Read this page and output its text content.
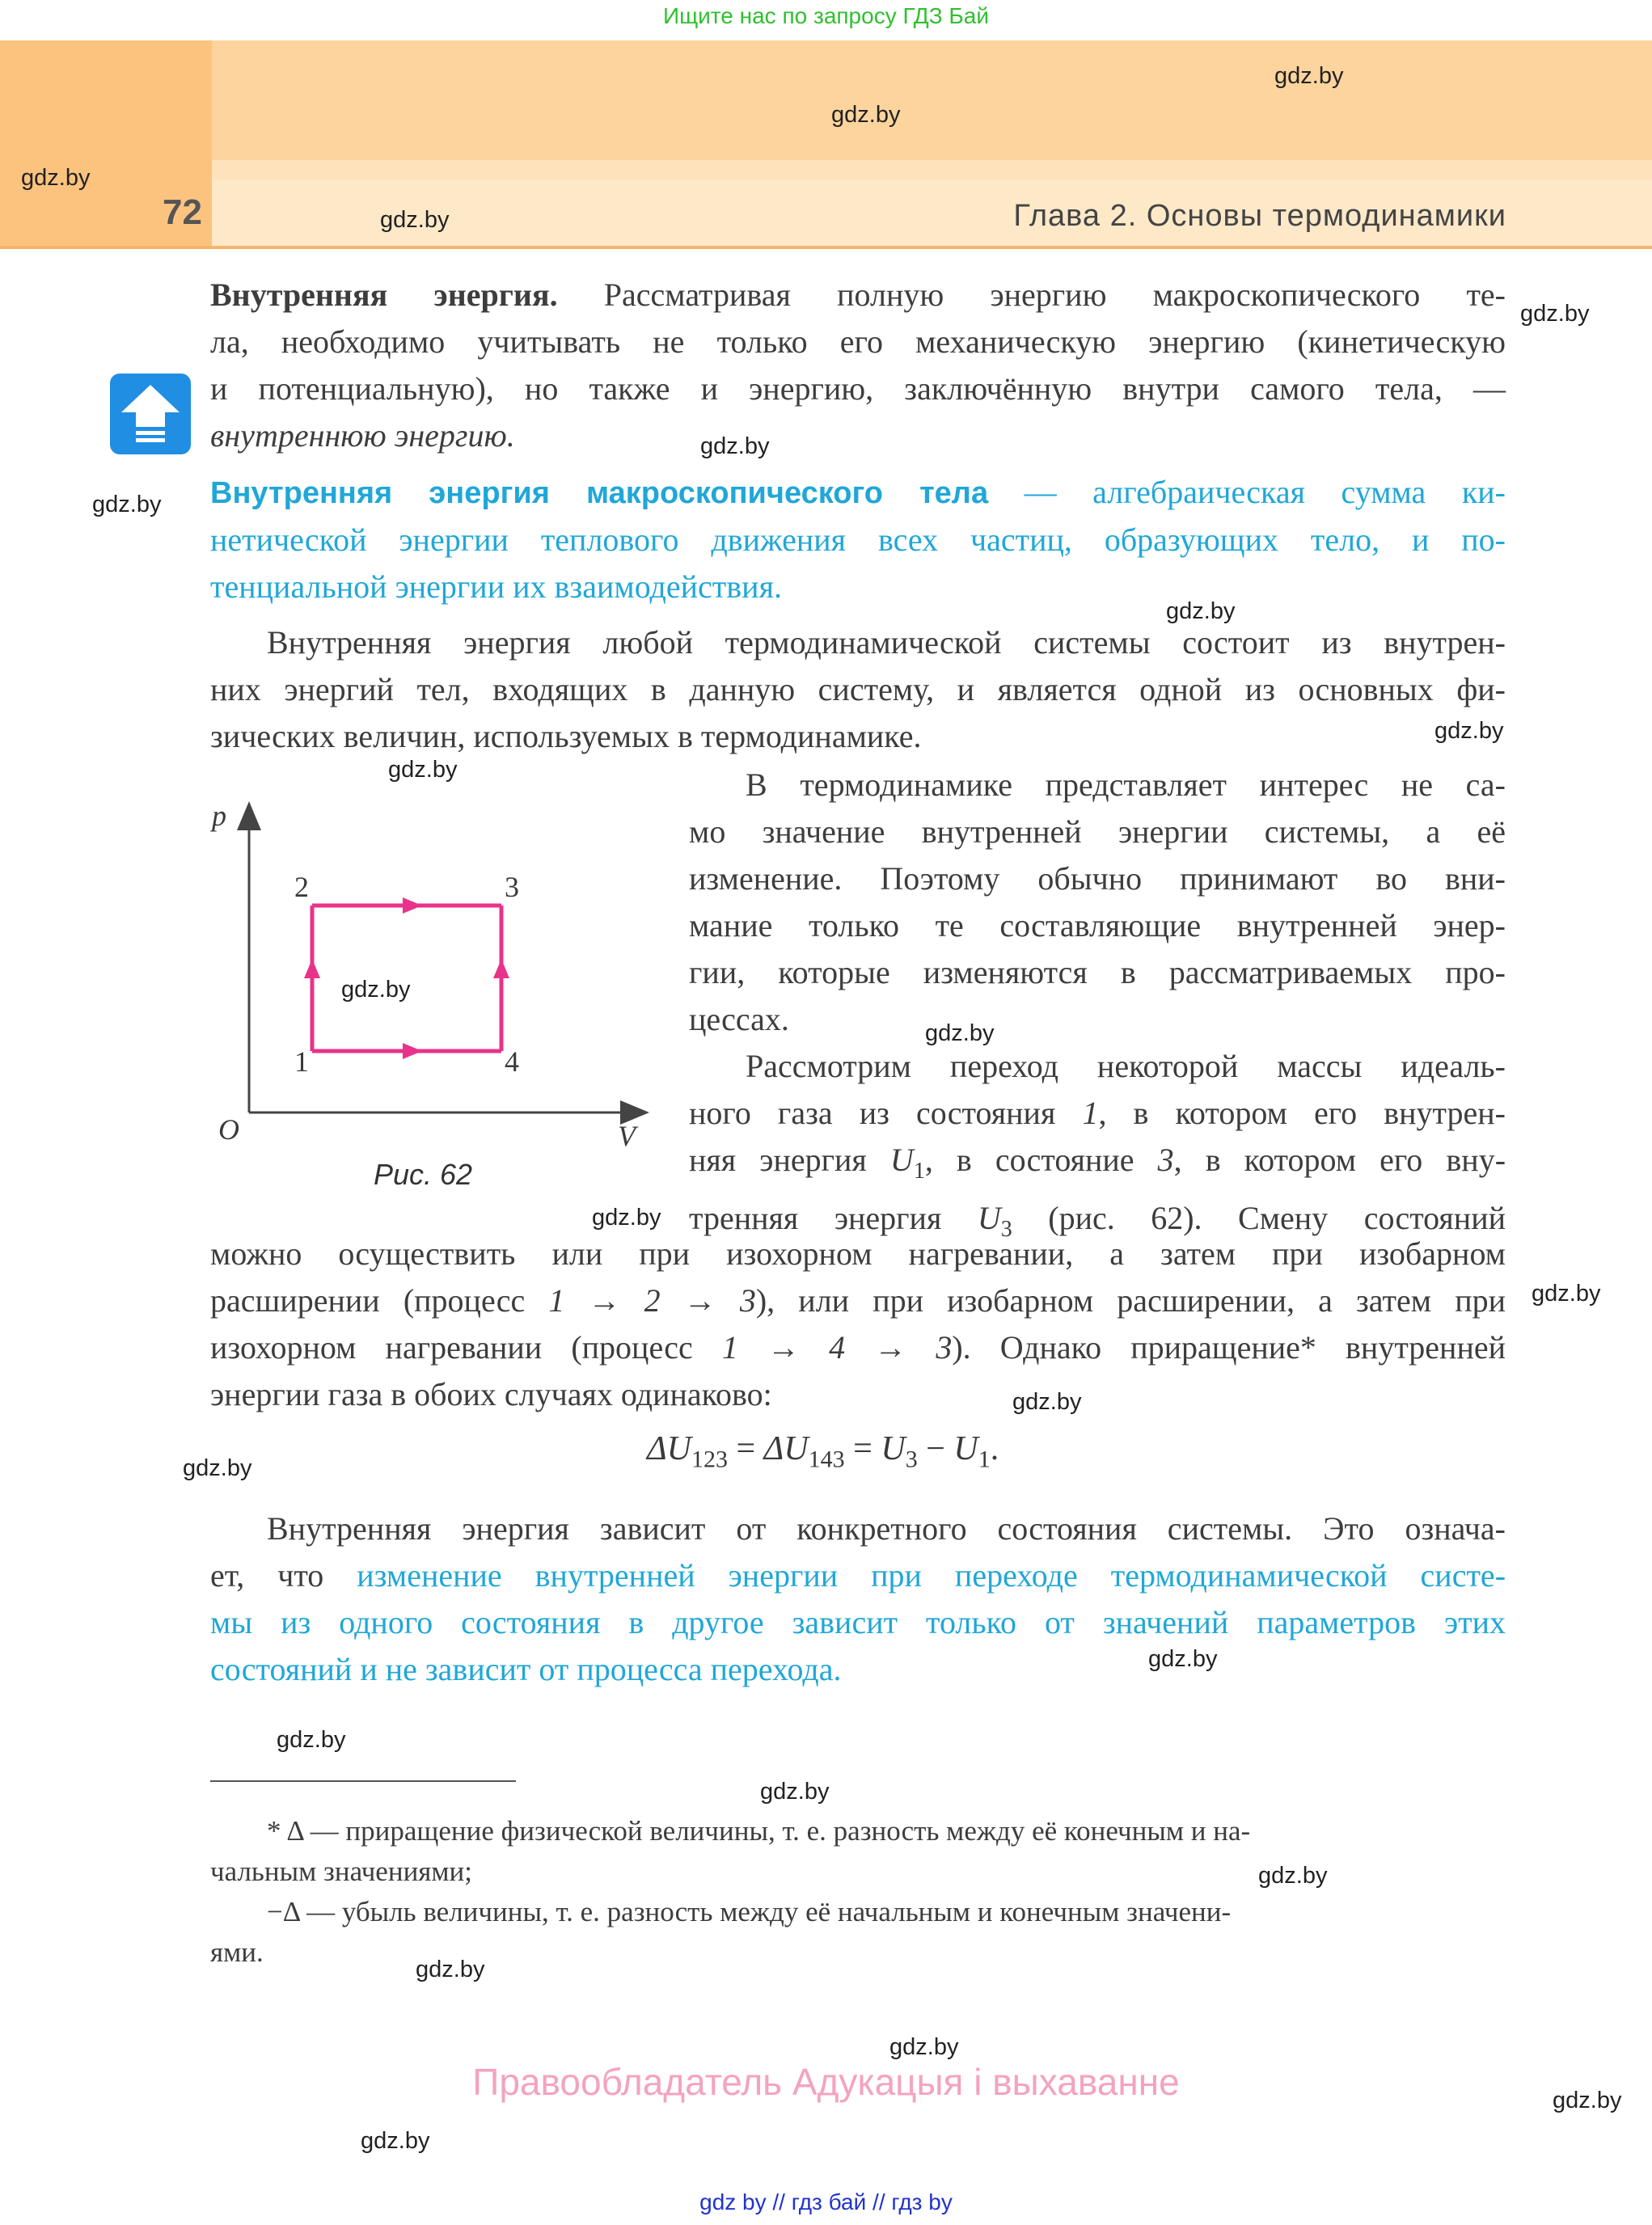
Ищите нас по запросу ГДЗ Бай
72	Глава 2. Основы термодинамики
Внутренняя энергия. Рассматривая полную энергию макроскопического те-
ла, необходимо учитывать не только его механическую энергию (кинетическую
и потенциальную), но также и энергию, заключённую внутри самого тела, —
внутреннюю энергию.
Внутренняя энергия макроскопического тела — алгебраическая сумма ки-
нетической энергии теплового движения всех частиц, образующих тело, и по-
тенциальной энергии их взаимодействия.
Внутренняя энергия любой термодинамической системы состоит из внутрен-
них энергий тел, входящих в данную систему, и является одной из основных фи-
зических величин, используемых в термодинамике.
В термодинамике представляет интерес не са-
мо значение внутренней энергии системы, а её
изменение. Поэтому обычно принимают во вни-
мание только те составляющие внутренней энер-
гии, которые изменяются в рассматриваемых про-
цессах.
Рассмотрим переход некоторой массы идеаль-
ного газа из состояния 1, в котором его внутрен-
няя энергия $U_1$, в состояние 3, в котором его вну-
тренняя энергия $U_3$ (рис. 62). Смену состояний
можно осуществить или при изохорном нагревании, а затем при изобарном
расширении (процесс 1 → 2 → 3), или при изобарном расширении, а затем при
изохорном нагревании (процесс 1 → 4 → 3). Однако приращение* внутренней
энергии газа в обоих случаях одинаково:
$\Delta U_{123} = \Delta U_{143} = U_3 - U_1$.
Внутренняя энергия зависит от конкретного состояния системы. Это означа-
ет, что изменение внутренней энергии при переходе термодинамической систе-
мы из одного состояния в другое зависит только от значений параметров этих
состояний и не зависит от процесса перехода.
p
V
O
1
2	3
4
Рис. 62
* Δ — приращение физической величины, т. е. разность между её конечным и на-
чальным значениями;
−Δ — убыль величины, т. е. разность между её начальным и конечным значени-
ями.
Правообладатель Адукацыя і выхаванне
gdz.by
gdz.by
gdz.by
gdz.by
gdz.by
gdz.by
gdz.by
gdz.by
gdz.by
gdz.by
gdz.by
gdz.by
gdz.by
gdz.by
gdz.by
gdz.by
gdz.by
gdz.by
gdz.by
gdz.by
gdz.by
gdz.by
gdz.by
gdz.by
gdz by // гдз бай // гдз by
